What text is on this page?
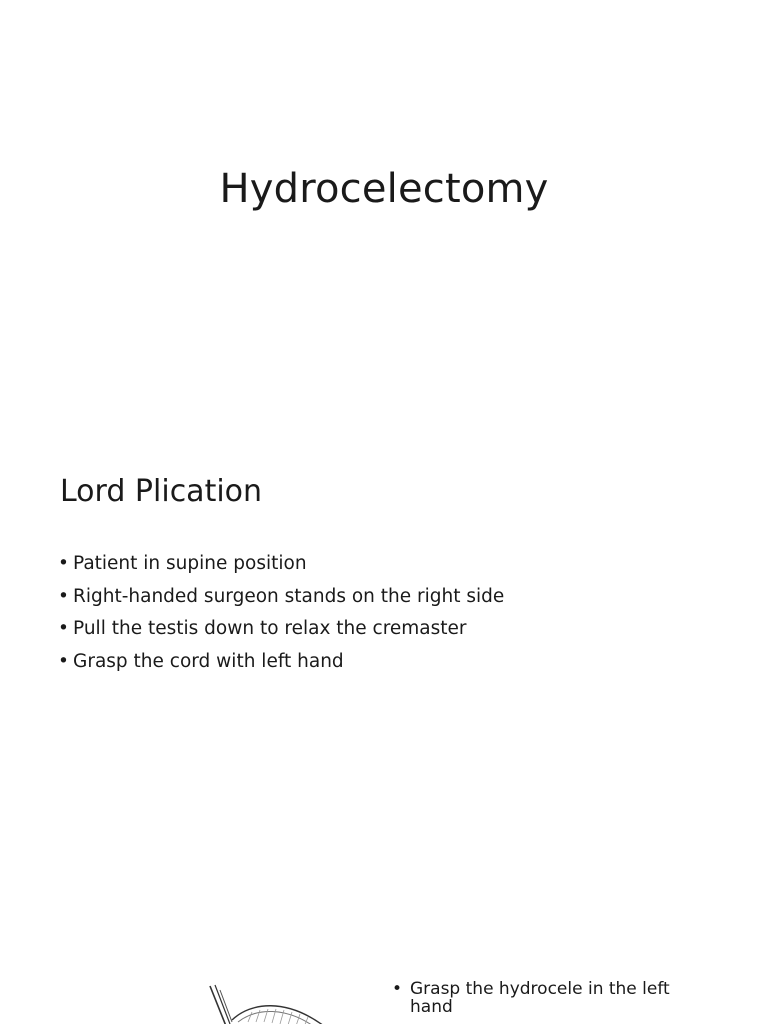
Hydrocelectomy
Lord Plication
• Patient in supine position
• Right-handed surgeon stands on the right side
• Pull the testis down to relax the cremaster
• Grasp the cord with left hand
• Grasp the hydrocele in the left hand
